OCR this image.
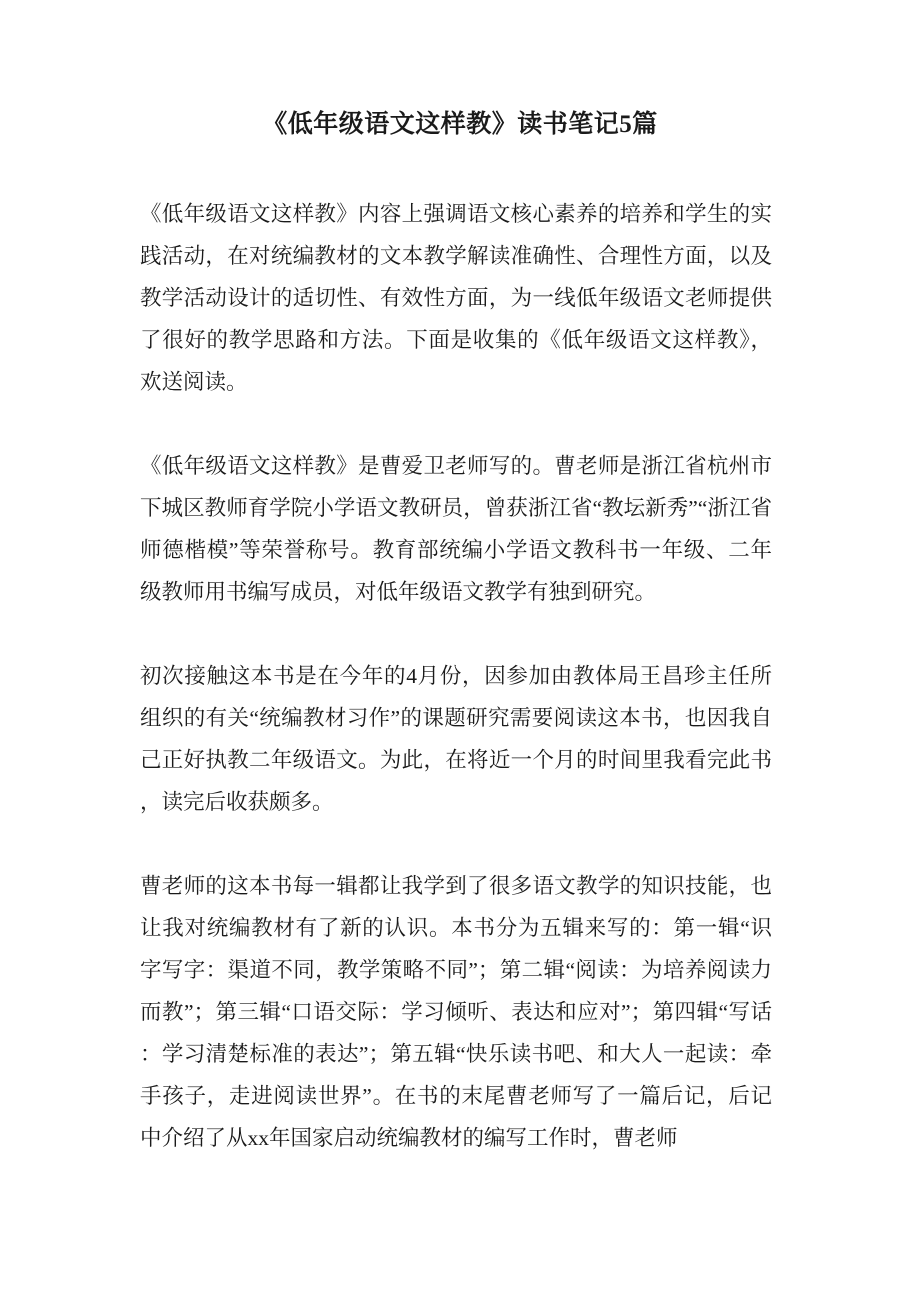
《低年级语文这样教》读书笔记5篇

《低年级语文这样教》内容上强调语文核心素养的培养和学生的实践活动，在对统编教材的文本教学解读准确性、合理性方面，以及教学活动设计的适切性、有效性方面，为一线低年级语文老师提供了很好的教学思路和方法。下面是收集的《低年级语文这样教》，欢送阅读。

《低年级语文这样教》是曹爱卫老师写的。曹老师是浙江省杭州市下城区教师育学院小学语文教研员，曾获浙江省“教坛新秀”“浙江省师德楷模”等荣誉称号。教育部统编小学语文教科书一年级、二年级教师用书编写成员，对低年级语文教学有独到研究。

初次接触这本书是在今年的4月份，因参加由教体局王昌珍主任所组织的有关“统编教材习作”的课题研究需要阅读这本书，也因我自己正好执教二年级语文。为此，在将近一个月的时间里我看完此书，读完后收获颇多。

曹老师的这本书每一辑都让我学到了很多语文教学的知识技能，也让我对统编教材有了新的认识。本书分为五辑来写的：第一辑“识字写字：渠道不同，教学策略不同”；第二辑“阅读：为培养阅读力而教”；第三辑“口语交际：学习倾听、表达和应对”；第四辑“写话：学习清楚标准的表达”；第五辑“快乐读书吧、和大人一起读：牵手孩子，走进阅读世界”。在书的末尾曹老师写了一篇后记，后记中介绍了从xx年国家启动统编教材的编写工作时，曹老师
